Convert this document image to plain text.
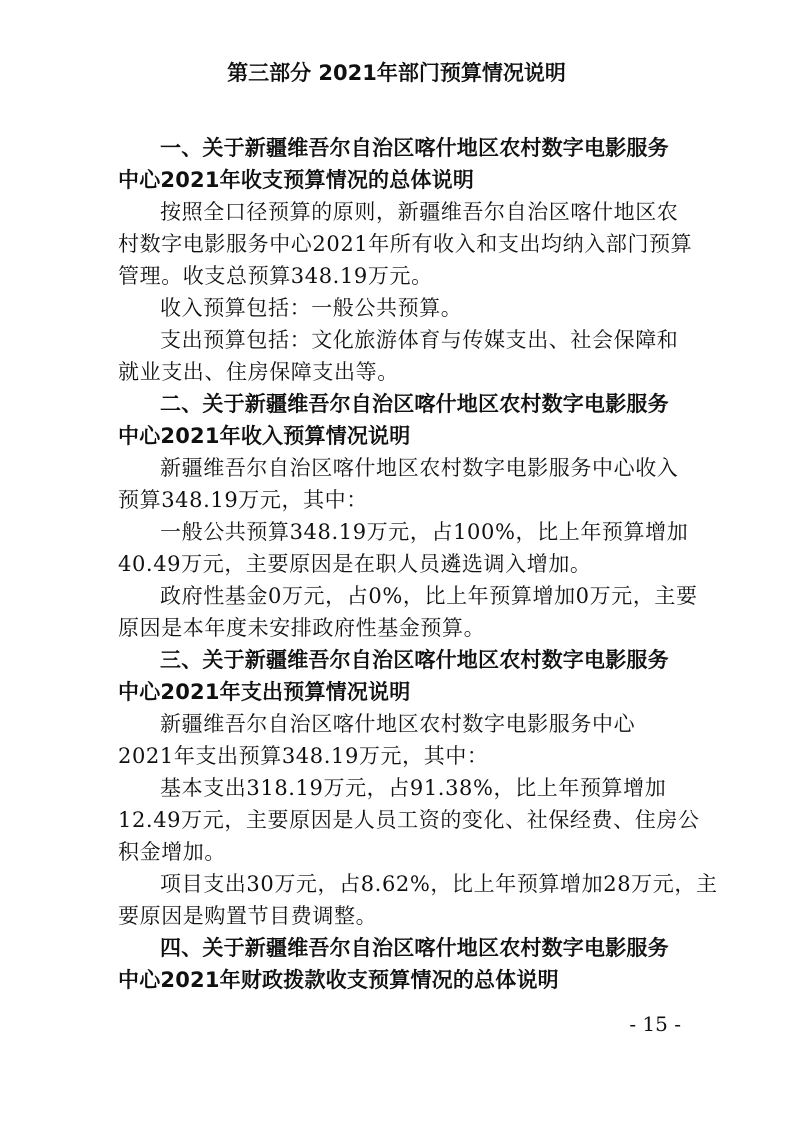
第三部分 2021年部门预算情况说明
一、关于新疆维吾尔自治区喀什地区农村数字电影服务
中心2021年收支预算情况的总体说明
按照全口径预算的原则，新疆维吾尔自治区喀什地区农
村数字电影服务中心2021年所有收入和支出均纳入部门预算
管理。收支总预算348.19万元。
收入预算包括：一般公共预算。
支出预算包括：文化旅游体育与传媒支出、社会保障和
就业支出、住房保障支出等。
二、关于新疆维吾尔自治区喀什地区农村数字电影服务
中心2021年收入预算情况说明
新疆维吾尔自治区喀什地区农村数字电影服务中心收入
预算348.19万元，其中：
一般公共预算348.19万元，占100%，比上年预算增加
40.49万元，主要原因是在职人员遴选调入增加。
政府性基金0万元，占0%，比上年预算增加0万元，主要
原因是本年度未安排政府性基金预算。
三、关于新疆维吾尔自治区喀什地区农村数字电影服务
中心2021年支出预算情况说明
新疆维吾尔自治区喀什地区农村数字电影服务中心
2021年支出预算348.19万元，其中：
基本支出318.19万元，占91.38%，比上年预算增加
12.49万元，主要原因是人员工资的变化、社保经费、住房公
积金增加。
项目支出30万元，占8.62%，比上年预算增加28万元，主
要原因是购置节目费调整。
四、关于新疆维吾尔自治区喀什地区农村数字电影服务
中心2021年财政拨款收支预算情况的总体说明
- 15 -
